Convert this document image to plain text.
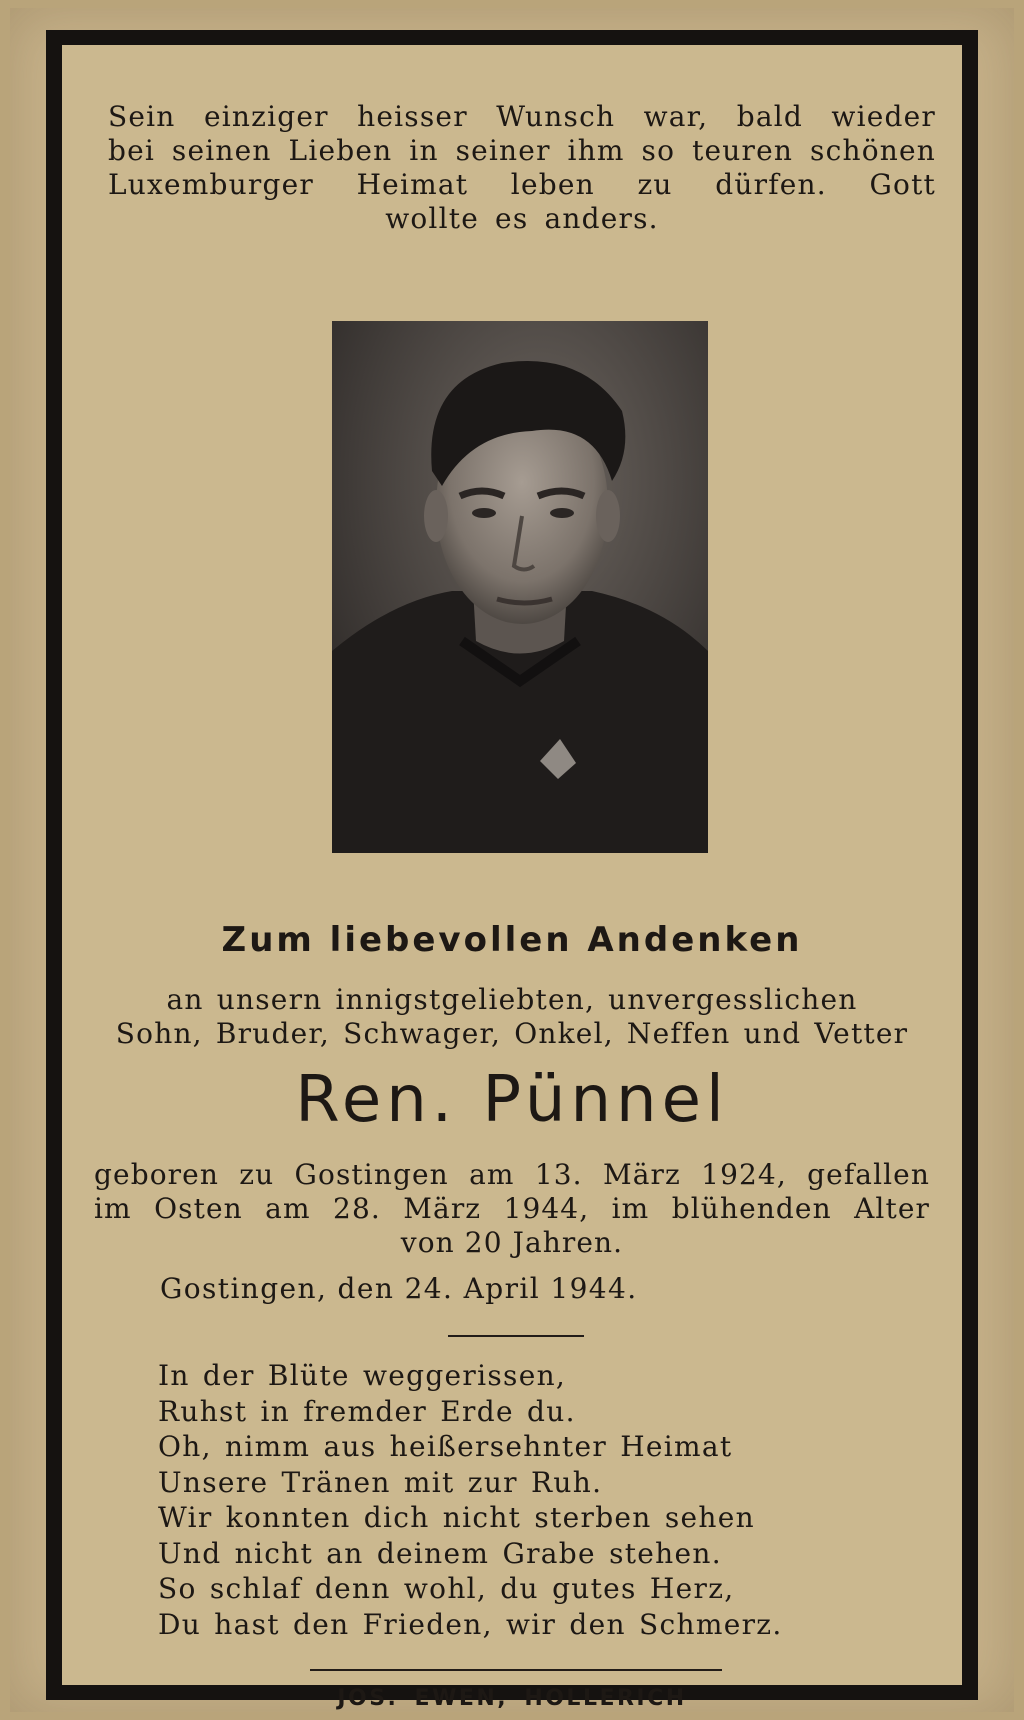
Sein einziger heisser Wunsch war, bald wieder
bei seinen Lieben in seiner ihm so teuren schönen
Luxemburger Heimat leben zu dürfen. Gott
wollte es anders.
Zum liebevollen Andenken
an unsern innigstgeliebten, unvergesslichen
Sohn, Bruder, Schwager, Onkel, Neffen und Vetter
Ren. Pünnel
geboren zu Gostingen am 13. März 1924, gefallen
im Osten am 28. März 1944, im blühenden Alter
von 20 Jahren.
Gostingen, den 24. April 1944.
In der Blüte weggerissen,
Ruhst in fremder Erde du.
Oh, nimm aus heißersehnter Heimat
Unsere Tränen mit zur Ruh.
Wir konnten dich nicht sterben sehen
Und nicht an deinem Grabe stehen.
So schlaf denn wohl, du gutes Herz,
Du hast den Frieden, wir den Schmerz.
JOS. EWEN, HOLLERICH
